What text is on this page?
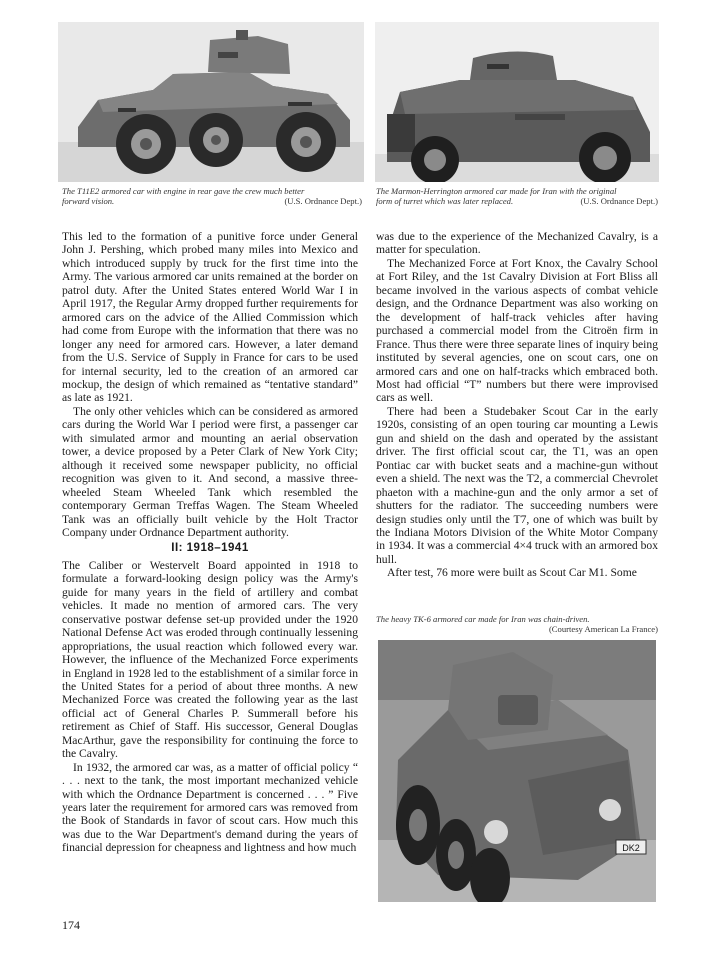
The T11E2 armored car with engine in rear gave the crew much better
forward vision.	(U.S. Ordnance Dept.)
The Marmon-Herrington armored car made for Iran with the original
form of turret which was later replaced.	(U.S. Ordnance Dept.)

This led to the formation of a punitive force under General John J. Pershing, which probed many miles into Mexico and which introduced supply by truck for the first time into the Army. The various armored car units remained at the border on patrol duty. After the United States entered World War I in April 1917, the Regular Army dropped further requirements for armored cars on the advice of the Allied Commission which had come from Europe with the information that there was no longer any need for armored cars. However, a later demand from the U.S. Service of Supply in France for cars to be used for internal security, led to the creation of an armored car mockup, the design of which remained as “tentative standard” as late as 1921.

The only other vehicles which can be considered as armored cars during the World War I period were first, a passenger car with simulated armor and mounting an aerial observation tower, a device proposed by a Peter Clark of New York City; although it received some newspaper publicity, no official recognition was given to it. And second, a massive three-wheeled Steam Wheeled Tank which resembled the contemporary German Treffas Wagen. The Steam Wheeled Tank was an officially built vehicle by the Holt Tractor Company under Ordnance Department authority.

II: 1918–1941

The Caliber or Westervelt Board appointed in 1918 to formulate a forward-looking design policy was the Army's guide for many years in the field of artillery and combat vehicles. It made no mention of armored cars. The very conservative postwar defense set-up provided under the 1920 National Defense Act was eroded through continually lessening appropriations, the usual reaction which followed every war. However, the influence of the Mechanized Force experiments in England in 1928 led to the establishment of a similar force in the United States for a period of about three months. A new Mechanized Force was created the following year as the last official act of General Charles P. Summerall before his retirement as Chief of Staff. His successor, General Douglas MacArthur, gave the responsibility for continuing the force to the Cavalry.

In 1932, the armored car was, as a matter of official policy “ . . . next to the tank, the most important mechanized vehicle with which the Ordnance Department is concerned . . . ” Five years later the requirement for armored cars was removed from the Book of Standards in favor of scout cars. How much this was due to the War Department's demand during the years of financial depression for cheapness and lightness and how much

was due to the experience of the Mechanized Cavalry, is a matter for speculation.

The Mechanized Force at Fort Knox, the Cavalry School at Fort Riley, and the 1st Cavalry Division at Fort Bliss all became involved in the various aspects of combat vehicle design, and the Ordnance Department was also working on the development of half-track vehicles after having purchased a commercial model from the Citroën firm in France. Thus there were three separate lines of inquiry being instituted by several agencies, one on scout cars, one on armored cars and one on half-tracks which embraced both. Most had official “T” numbers but there were improvised cars as well.

There had been a Studebaker Scout Car in the early 1920s, consisting of an open touring car mounting a Lewis gun and shield on the dash and operated by the assistant driver. The first official scout car, the T1, was an open Pontiac car with bucket seats and a machine-gun without even a shield. The next was the T2, a commercial Chevrolet phaeton with a machine-gun and the only armor a set of shutters for the radiator. The succeeding numbers were design studies only until the T7, one of which was built by the Indiana Motors Division of the White Motor Company in 1934. It was a commercial 4×4 truck with an armored box hull.

After test, 76 more were built as Scout Car M1. Some

The heavy TK-6 armored car made for Iran was chain-driven.
(Courtesy American La France)
DK2
174
